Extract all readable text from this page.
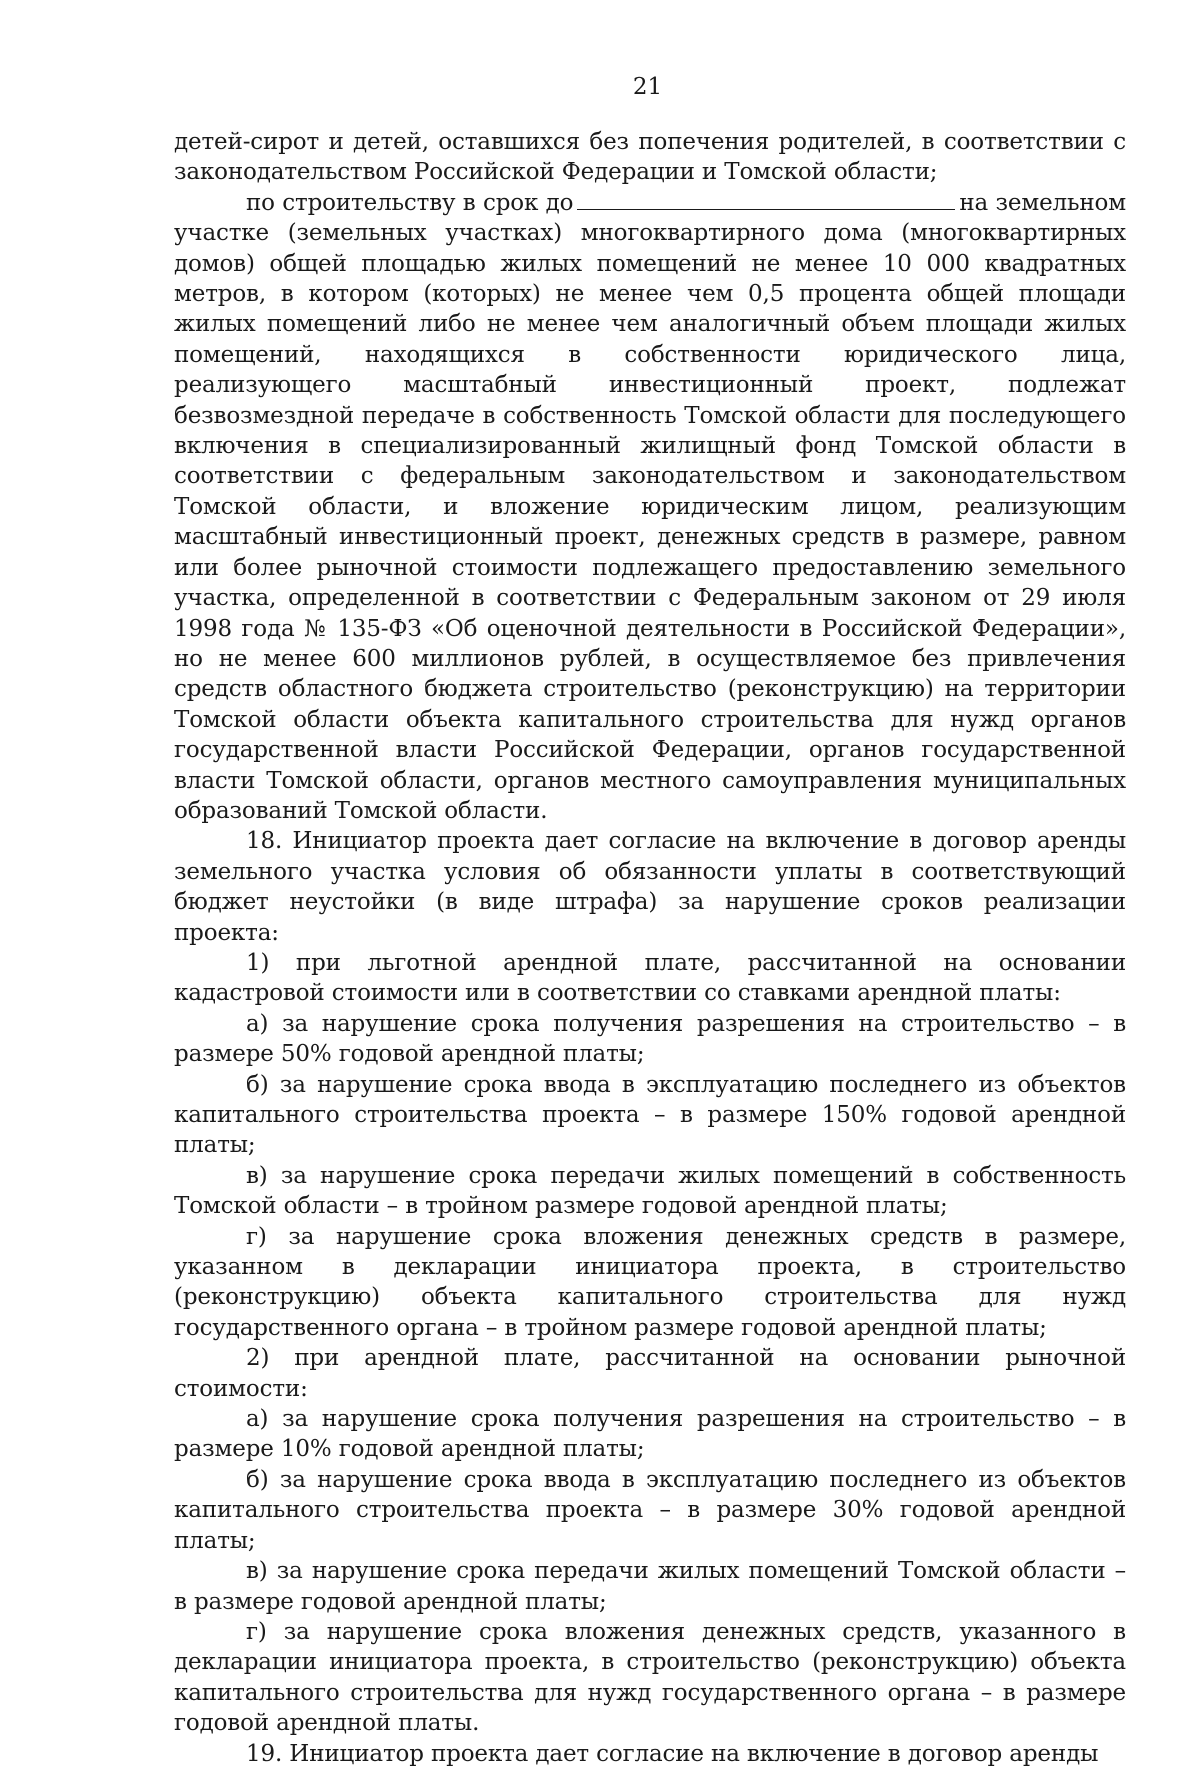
21

детей-сирот и детей, оставшихся без попечения родителей, в соответствии с законодательством Российской Федерации и Томской области;

по строительству в срок до	на земельном участке (земельных участках) многоквартирного дома (многоквартирных домов) общей площадью жилых помещений не менее 10 000 квадратных метров, в котором (которых) не менее чем 0,5 процента общей площади жилых помещений либо не менее чем аналогичный объем площади жилых помещений, находящихся в собственности юридического лица, реализующего масштабный инвестиционный проект, подлежат безвозмездной передаче в собственность Томской области для последующего включения в специализированный жилищный фонд Томской области в соответствии с федеральным законодательством и законодательством Томской области, и вложение юридическим лицом, реализующим масштабный инвестиционный проект, денежных средств в размере, равном или более рыночной стоимости подлежащего предоставлению земельного участка, определенной в соответствии с Федеральным законом от 29 июля 1998 года № 135-ФЗ «Об оценочной деятельности в Российской Федерации», но не менее 600 миллионов рублей, в осуществляемое без привлечения средств областного бюджета строительство (реконструкцию) на территории Томской области объекта капитального строительства для нужд органов государственной власти Российской Федерации, органов государственной власти Томской области, органов местного самоуправления муниципальных образований Томской области.

18. Инициатор проекта дает согласие на включение в договор аренды земельного участка условия об обязанности уплаты в соответствующий бюджет неустойки (в виде штрафа) за нарушение сроков реализации проекта:

1) при льготной арендной плате, рассчитанной на основании кадастровой стоимости или в соответствии со ставками арендной платы:

а) за нарушение срока получения разрешения на строительство – в размере 50% годовой арендной платы;

б) за нарушение срока ввода в эксплуатацию последнего из объектов капитального строительства проекта – в размере 150% годовой арендной платы;

в) за нарушение срока передачи жилых помещений в собственность Томской области – в тройном размере годовой арендной платы;

г) за нарушение срока вложения денежных средств в размере, указанном в декларации инициатора проекта, в строительство (реконструкцию) объекта капитального строительства для нужд государственного органа – в тройном размере годовой арендной платы;

2) при арендной плате, рассчитанной на основании рыночной стоимости:

а) за нарушение срока получения разрешения на строительство – в размере 10% годовой арендной платы;

б) за нарушение срока ввода в эксплуатацию последнего из объектов капитального строительства проекта – в размере 30% годовой арендной платы;

в) за нарушение срока передачи жилых помещений Томской области – в размере годовой арендной платы;

г) за нарушение срока вложения денежных средств, указанного в декларации инициатора проекта, в строительство (реконструкцию) объекта капитального строительства для нужд государственного органа – в размере годовой арендной платы.

19. Инициатор проекта дает согласие на включение в договор аренды
